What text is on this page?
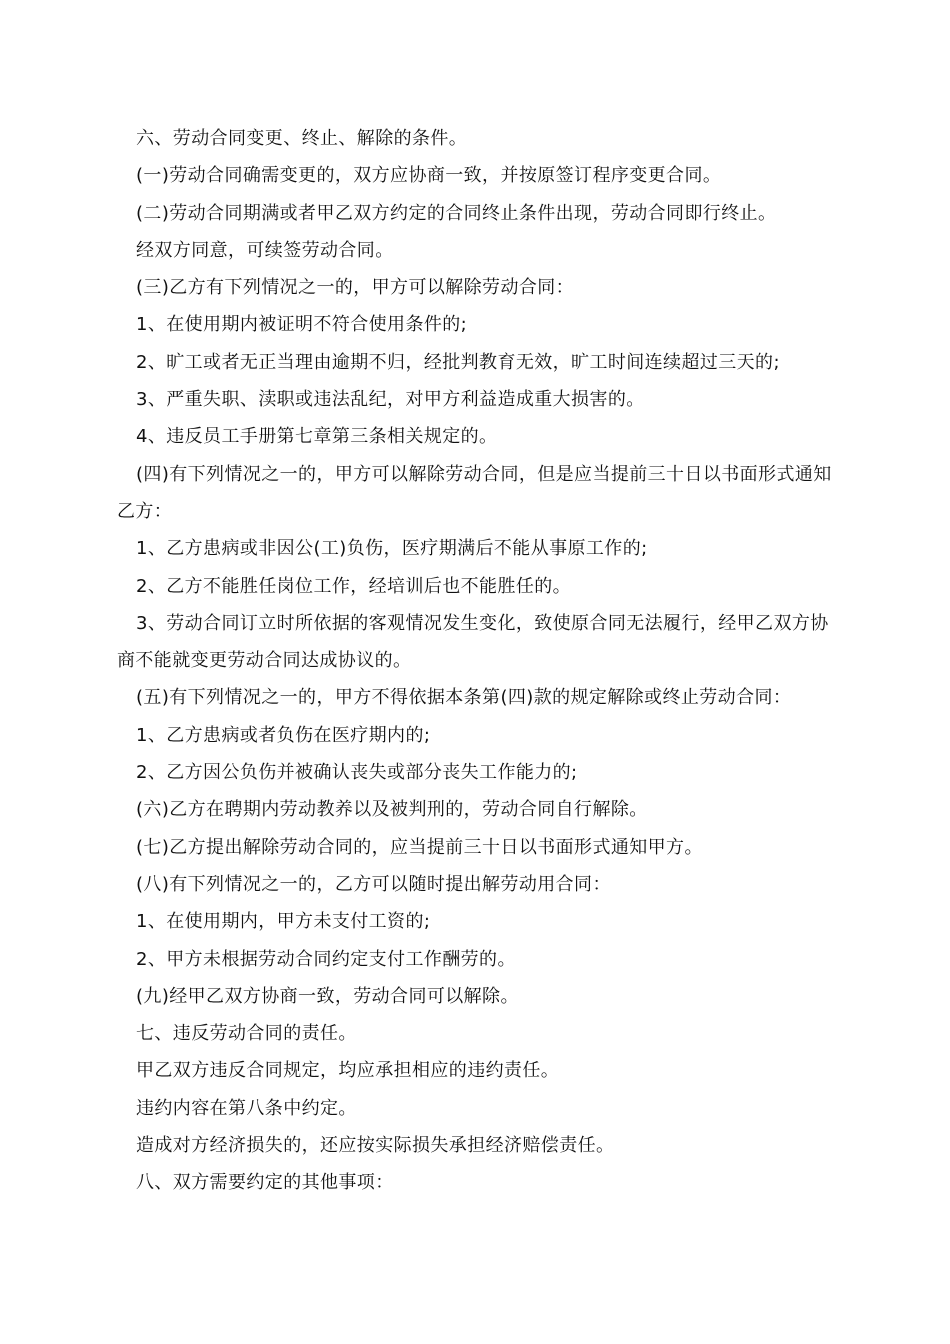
六、劳动合同变更、终止、解除的条件。

(一)劳动合同确需变更的，双方应协商一致，并按原签订程序变更合同。

(二)劳动合同期满或者甲乙双方约定的合同终止条件出现，劳动合同即行终止。

经双方同意，可续签劳动合同。

(三)乙方有下列情况之一的，甲方可以解除劳动合同：

1、在使用期内被证明不符合使用条件的;

2、旷工或者无正当理由逾期不归，经批判教育无效，旷工时间连续超过三天的;

3、严重失职、渎职或违法乱纪，对甲方利益造成重大损害的。

4、违反员工手册第七章第三条相关规定的。

(四)有下列情况之一的，甲方可以解除劳动合同，但是应当提前三十日以书面形式通知乙方：

1、乙方患病或非因公(工)负伤，医疗期满后不能从事原工作的;

2、乙方不能胜任岗位工作，经培训后也不能胜任的。

3、劳动合同订立时所依据的客观情况发生变化，致使原合同无法履行，经甲乙双方协商不能就变更劳动合同达成协议的。

(五)有下列情况之一的，甲方不得依据本条第(四)款的规定解除或终止劳动合同：

1、乙方患病或者负伤在医疗期内的;

2、乙方因公负伤并被确认丧失或部分丧失工作能力的;

(六)乙方在聘期内劳动教养以及被判刑的，劳动合同自行解除。

(七)乙方提出解除劳动合同的，应当提前三十日以书面形式通知甲方。

(八)有下列情况之一的，乙方可以随时提出解劳动用合同：

1、在使用期内，甲方未支付工资的;

2、甲方未根据劳动合同约定支付工作酬劳的。

(九)经甲乙双方协商一致，劳动合同可以解除。

七、违反劳动合同的责任。

甲乙双方违反合同规定，均应承担相应的违约责任。

违约内容在第八条中约定。

造成对方经济损失的，还应按实际损失承担经济赔偿责任。

八、双方需要约定的其他事项：
